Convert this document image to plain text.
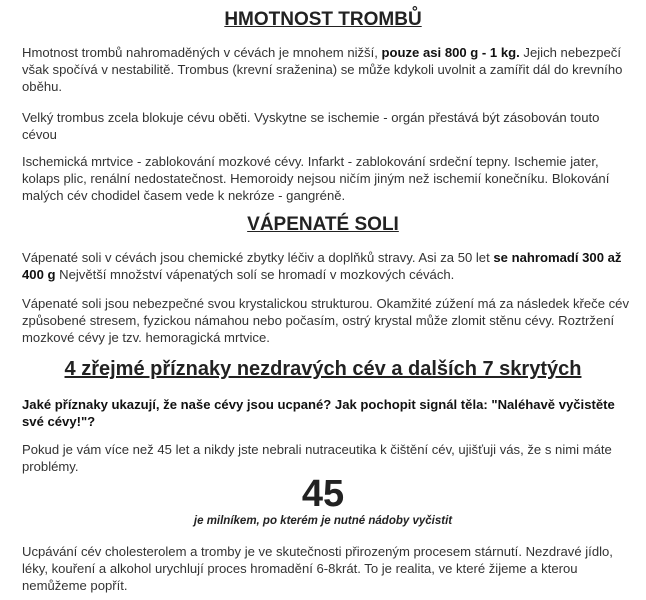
HMOTNOST TROMBŮ

Hmotnost trombů nahromaděných v cévách je mnohem nižší, pouze asi 800 g - 1 kg. Jejich nebezpečí však spočívá v nestabilitě. Trombus (krevní sraženina) se může kdykoli uvolnit a zamířit dál do krevního oběhu.

Velký trombus zcela blokuje cévu oběti. Vyskytne se ischemie - orgán přestává být zásobován touto cévou

Ischemická mrtvice - zablokování mozkové cévy. Infarkt - zablokování srdeční tepny. Ischemie jater, kolaps plic, renální nedostatečnost. Hemoroidy nejsou ničím jiným než ischemií konečníku. Blokování malých cév chodidel časem vede k nekróze - gangréně.

VÁPENATÉ SOLI

Vápenaté soli v cévách jsou chemické zbytky léčiv a doplňků stravy. Asi za 50 let se nahromadí 300 až 400 g Největší množství vápenatých solí se hromadí v mozkových cévách.

Vápenaté soli jsou nebezpečné svou krystalickou strukturou. Okamžité zúžení má za následek křeče cév způsobené stresem, fyzickou námahou nebo počasím, ostrý krystal může zlomit stěnu cévy. Roztržení mozkové cévy je tzv. hemoragická mrtvice.

4 zřejmé příznaky nezdravých cév a dalších 7 skrytých

Jaké příznaky ukazují, že naše cévy jsou ucpané? Jak pochopit signál těla: "Naléhavě vyčistěte své cévy!"?

Pokud je vám více než 45 let a nikdy jste nebrali nutraceutika k čištění cév, ujišťuji vás, že s nimi máte problémy.

45

je milníkem, po kterém je nutné nádoby vyčistit

Ucpávání cév cholesterolem a tromby je ve skutečnosti přirozeným procesem stárnutí. Nezdravé jídlo, léky, kouření a alkohol urychlují proces hromadění 6-8krát. To je realita, ve které žijeme a kterou nemůžeme popřít.
